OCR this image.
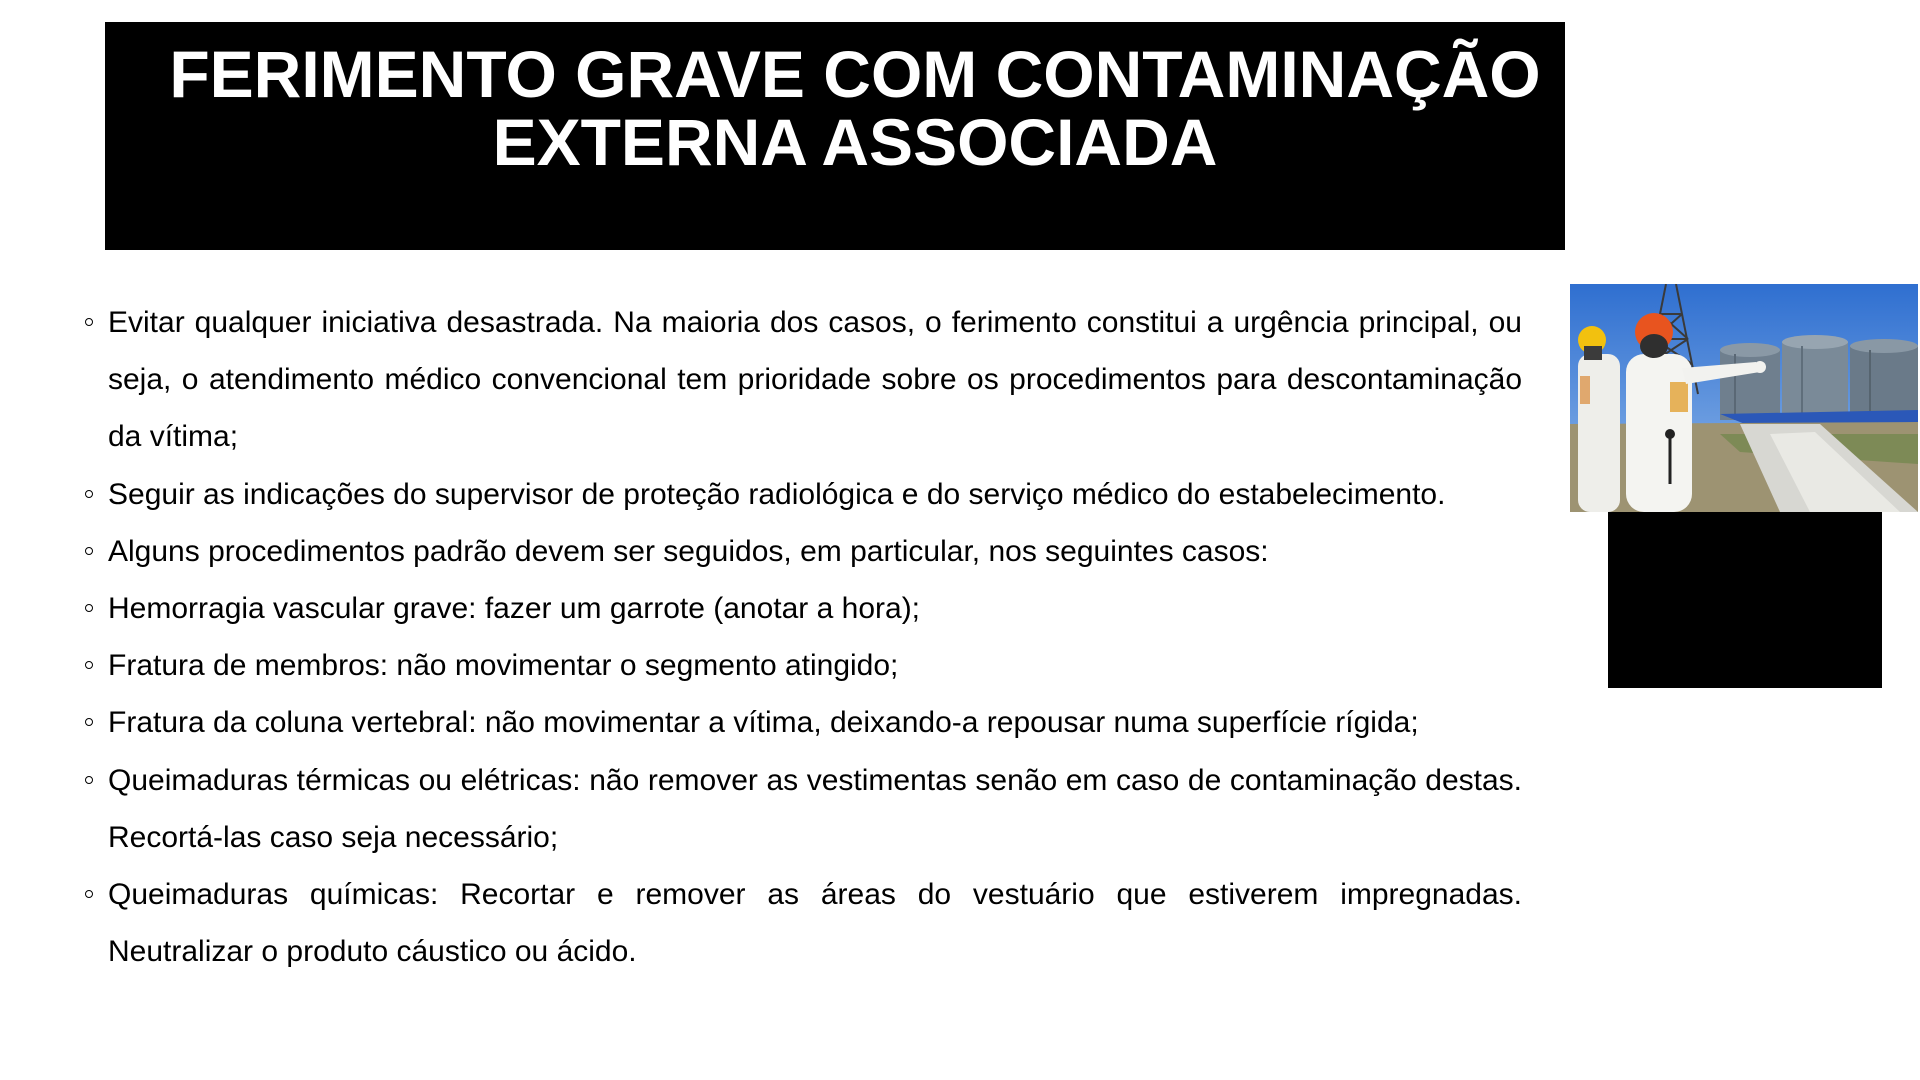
FERIMENTO GRAVE COM CONTAMINAÇÃO
EXTERNA ASSOCIADA
Evitar qualquer iniciativa desastrada. Na maioria dos casos, o ferimento constitui a urgência principal, ou seja, o atendimento médico convencional tem prioridade sobre os procedimentos para descontaminação da vítima;
Seguir as indicações do supervisor de proteção radiológica e do serviço médico do estabelecimento.
Alguns procedimentos padrão devem ser seguidos, em particular, nos seguintes casos:
Hemorragia vascular grave: fazer um garrote (anotar a hora);
Fratura de membros: não movimentar o segmento atingido;
Fratura da coluna vertebral: não movimentar a vítima, deixando-a repousar numa superfície rígida;
Queimaduras térmicas ou elétricas: não remover as vestimentas senão em caso de contaminação destas. Recortá-las caso seja necessário;
Queimaduras químicas: Recortar e remover as áreas do vestuário que estiverem impregnadas. Neutralizar o produto cáustico ou ácido.
